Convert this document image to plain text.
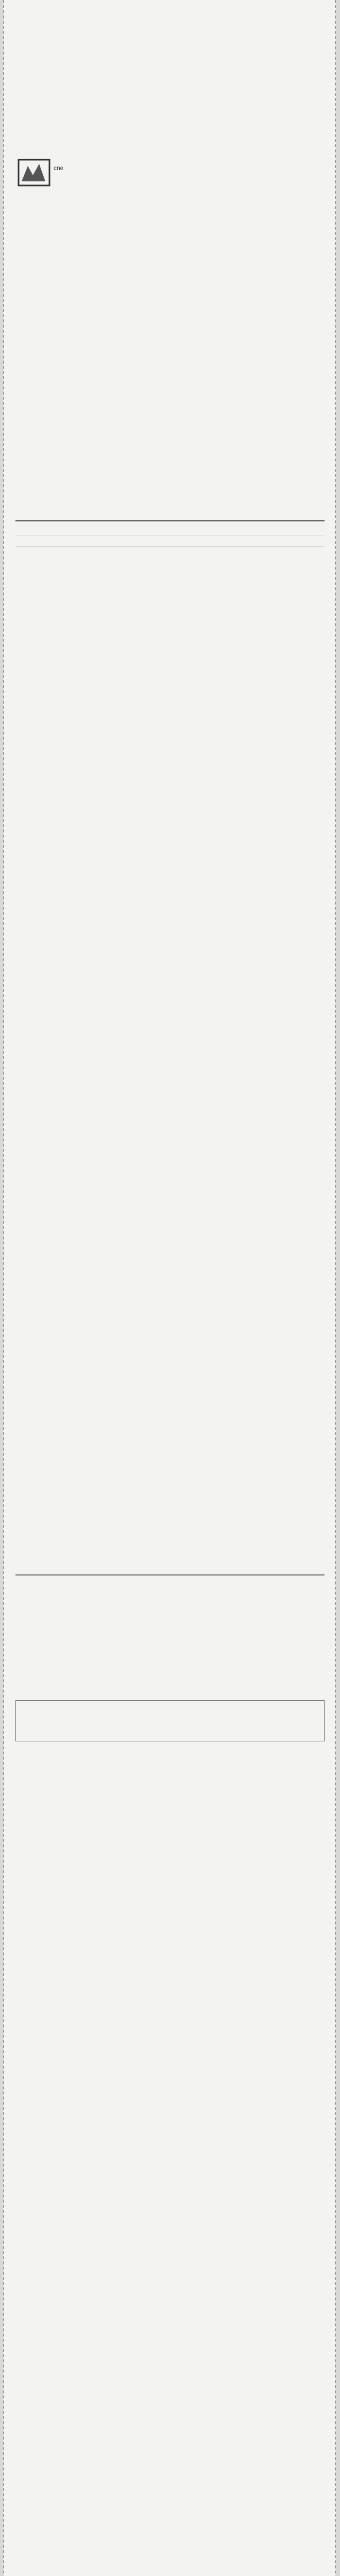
cne
